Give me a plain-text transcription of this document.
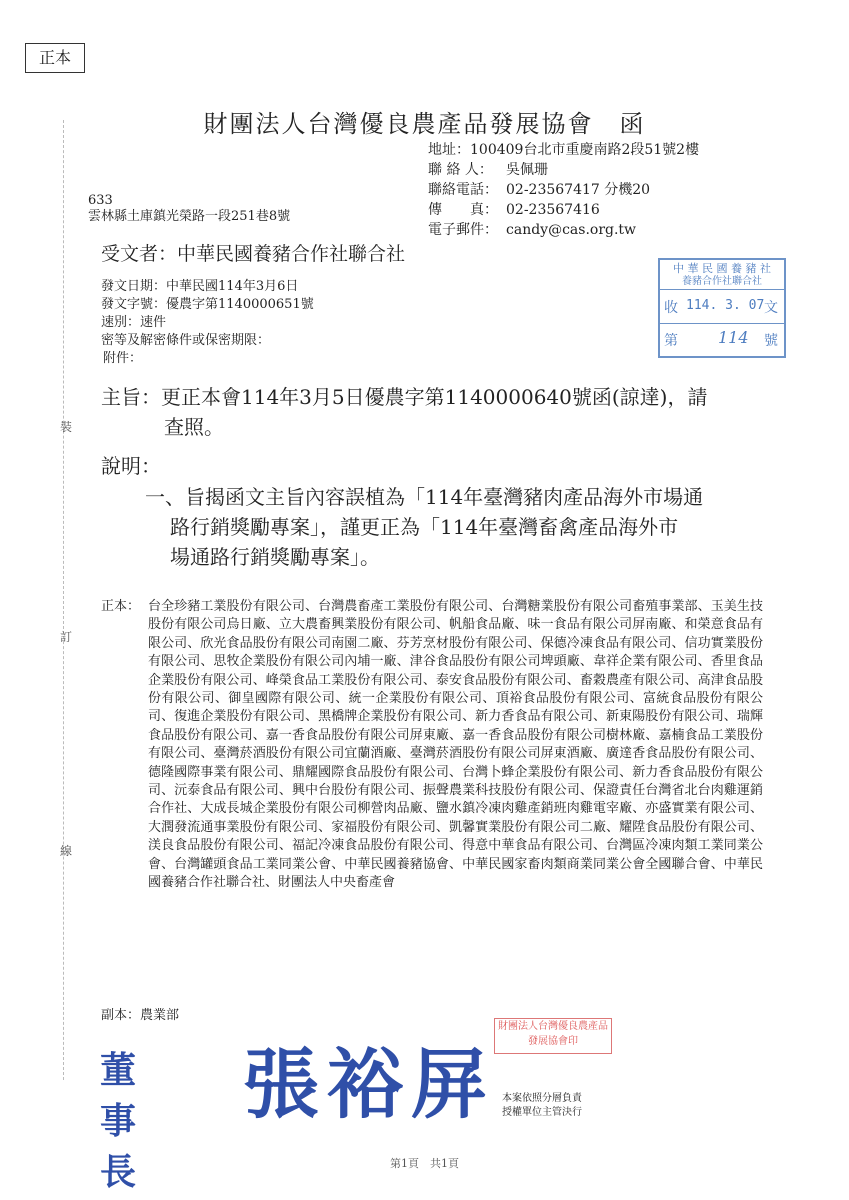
正本
財團法人台灣優良農產品發展協會　函
地址：100409台北市重慶南路2段51號2樓
聯 絡 人： 吳佩珊
聯絡電話： 02-23567417 分機20
傳　　真： 02-23567416
電子郵件： candy@cas.org.tw
633
雲林縣土庫鎮光榮路一段251巷8號
受文者：中華民國養豬合作社聯合社
發文日期：中華民國114年3月6日
發文字號：優農字第1140000651號
速別：速件
密等及解密條件或保密期限：
附件：
中 華 民 國 養 豬 社
養豬合作社聯合社
收 114. 3. 07 文
第	114 號
主旨：更正本會114年3月5日優農字第1140000640號函(諒達)，請
查照。
說明：
一、旨揭函文主旨內容誤植為「114年臺灣豬肉產品海外市場通
路行銷獎勵專案」，謹更正為「114年臺灣畜禽產品海外市
場通路行銷獎勵專案」。
正本： 台全珍豬工業股份有限公司、台灣農畜產工業股份有限公司、台灣糖業股份有限公司畜殖事業部、玉美生技股份有限公司烏日廠、立大農畜興業股份有限公司、帆船食品廠、味一食品有限公司屏南廠、和榮意食品有限公司、欣光食品股份有限公司南園二廠、芬芳烹材股份有限公司、保德冷凍食品有限公司、信功實業股份有限公司、思牧企業股份有限公司內埔一廠、津谷食品股份有限公司埤頭廠、韋祥企業有限公司、香里食品企業股份有限公司、峰榮食品工業股份有限公司、泰安食品股份有限公司、畜穀農產有限公司、高津食品股份有限公司、御皇國際有限公司、統一企業股份有限公司、頂裕食品股份有限公司、富統食品股份有限公司、復進企業股份有限公司、黑橋牌企業股份有限公司、新力香食品有限公司、新東陽股份有限公司、瑞輝食品股份有限公司、嘉一香食品股份有限公司屏東廠、嘉一香食品股份有限公司樹林廠、嘉楠食品工業股份有限公司、臺灣菸酒股份有限公司宜蘭酒廠、臺灣菸酒股份有限公司屏東酒廠、廣達香食品股份有限公司、德隆國際事業有限公司、鼎耀國際食品股份有限公司、台灣卜蜂企業股份有限公司、新力香食品股份有限公司、沅泰食品有限公司、興中台股份有限公司、振聲農業科技股份有限公司、保證責任台灣省北台肉雞運銷合作社、大成長城企業股份有限公司柳營肉品廠、鹽水鎮冷凍肉雞產銷班肉雞電宰廠、亦盛實業有限公司、大潤發流通事業股份有限公司、家福股份有限公司、凱馨實業股份有限公司二廠、耀陞食品股份有限公司、渼良食品股份有限公司、福記冷凍食品股份有限公司、得意中華食品有限公司、台灣區冷凍肉類工業同業公會、台灣罐頭食品工業同業公會、中華民國養豬協會、中華民國家畜肉類商業同業公會全國聯合會、中華民國養豬合作社聯合社、財團法人中央畜產會
副本：農業部
裝
訂
線
董事長
張裕屏
財團法人台灣優良農產品發展協會印
本案依照分層負責
授權單位主管決行
第1頁　共1頁
